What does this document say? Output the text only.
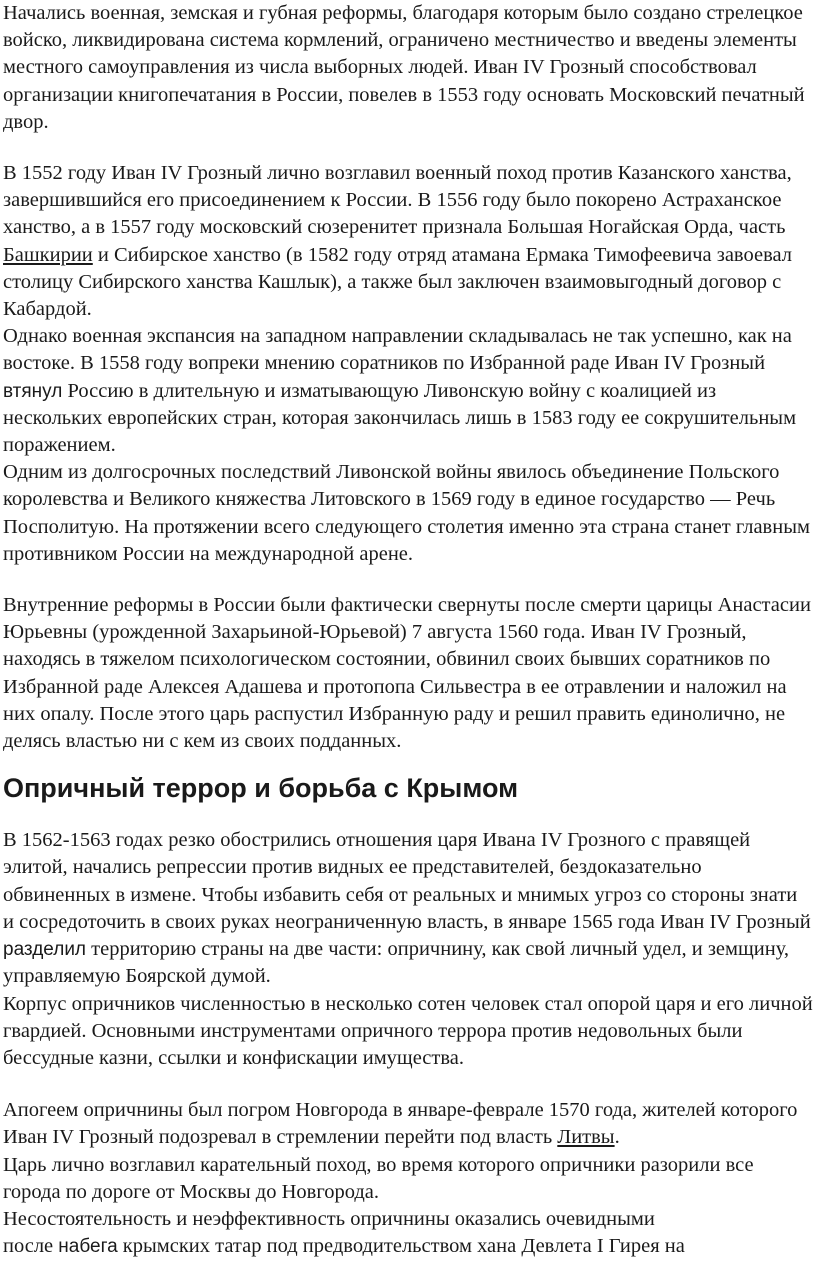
Начались военная, земская и губная реформы, благодаря которым было создано стрелецкое войско, ликвидирована система кормлений, ограничено местничество и введены элементы местного самоуправления из числа выборных людей. Иван IV Грозный способствовал организации книгопечатания в России, повелев в 1553 году основать Московский печатный двор.

В 1552 году Иван IV Грозный лично возглавил военный поход против Казанского ханства, завершившийся его присоединением к России. В 1556 году было покорено Астраханское ханство, а в 1557 году московский сюзеренитет признала Большая Ногайская Орда, часть Башкирии и Сибирское ханство (в 1582 году отряд атамана Ермака Тимофеевича завоевал столицу Сибирского ханства Кашлык), а также был заключен взаимовыгодный договор с Кабардой.

Однако военная экспансия на западном направлении складывалась не так успешно, как на востоке. В 1558 году вопреки мнению соратников по Избранной раде Иван IV Грозный втянул Россию в длительную и изматывающую Ливонскую войну с коалицией из нескольких европейских стран, которая закончилась лишь в 1583 году ее сокрушительным поражением.

Одним из долгосрочных последствий Ливонской войны явилось объединение Польского королевства и Великого княжества Литовского в 1569 году в единое государство — Речь Посполитую. На протяжении всего следующего столетия именно эта страна станет главным противником России на международной арене.

Внутренние реформы в России были фактически свернуты после смерти царицы Анастасии Юрьевны (урожденной Захарьиной-Юрьевой) 7 августа 1560 года. Иван IV Грозный, находясь в тяжелом психологическом состоянии, обвинил своих бывших соратников по Избранной раде Алексея Адашева и протопопа Сильвестра в ее отравлении и наложил на них опалу. После этого царь распустил Избранную раду и решил править единолично, не делясь властью ни с кем из своих подданных.

Опричный террор и борьба с Крымом

В 1562-1563 годах резко обострились отношения царя Ивана IV Грозного с правящей элитой, начались репрессии против видных ее представителей, бездоказательно обвиненных в измене. Чтобы избавить себя от реальных и мнимых угроз со стороны знати и сосредоточить в своих руках неограниченную власть, в январе 1565 года Иван IV Грозный разделил территорию страны на две части: опричнину, как свой личный удел, и земщину, управляемую Боярской думой.

Корпус опричников численностью в несколько сотен человек стал опорой царя и его личной гвардией. Основными инструментами опричного террора против недовольных были бессудные казни, ссылки и конфискации имущества.

Апогеем опричнины был погром Новгорода в январе-феврале 1570 года, жителей которого Иван IV Грозный подозревал в стремлении перейти под власть Литвы.

Царь лично возглавил карательный поход, во время которого опричники разорили все города по дороге от Москвы до Новгорода.

Несостоятельность и неэффективность опричнины оказались очевидными
после набега крымских татар под предводительством хана Девлета I Гирея на
